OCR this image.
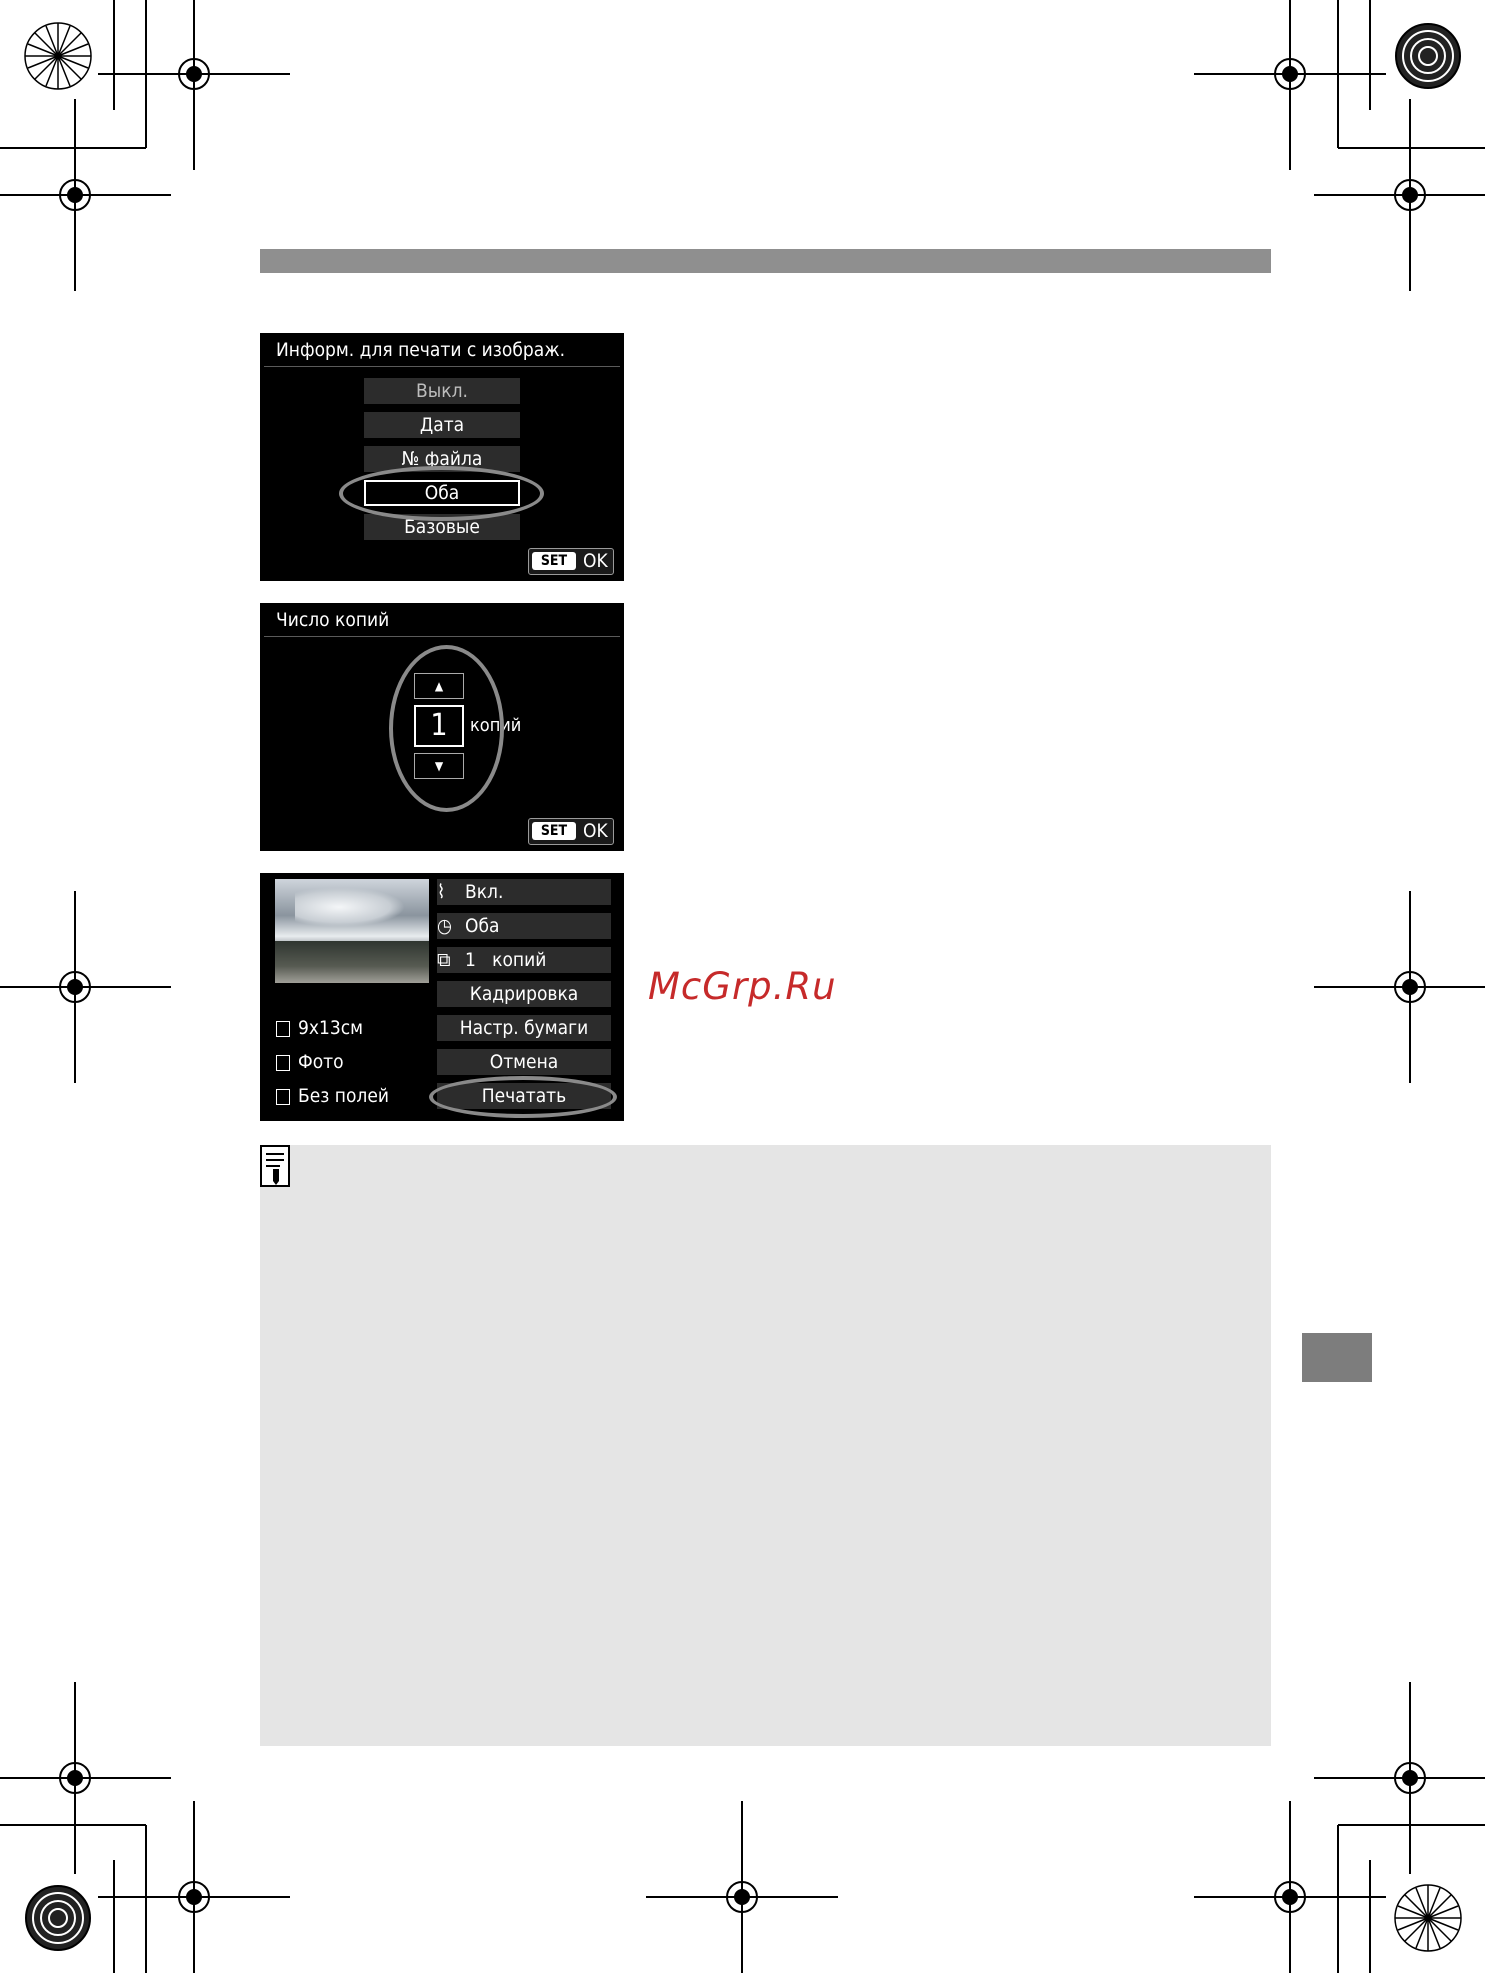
Информ. для печати с изображ.
Выкл.
Дата
№ файла
Оба
Базовые
SET OK
Число копий
▲
1	копий
▼
SET OK
⌇ Вкл.
◷ Оба
⧉ 1   копий
Кадрировка
Настр. бумаги
Отмена
Печатать
9x13см
Фото
Без полей
McGrp.Ru
